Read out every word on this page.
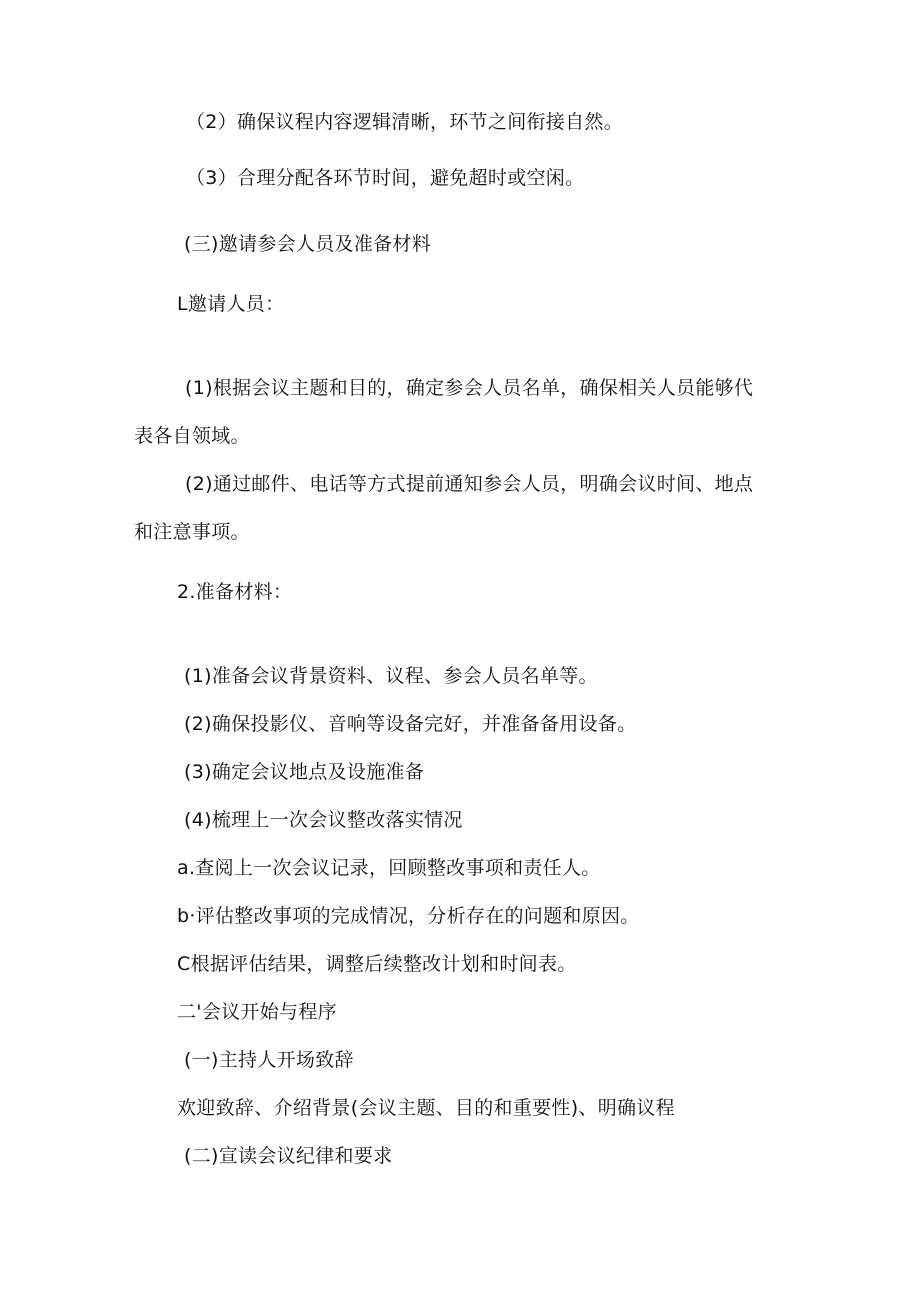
（2）确保议程内容逻辑清晰，环节之间衔接自然。
（3）合理分配各环节时间，避免超时或空闲。
(三)邀请参会人员及准备材料
L邀请人员：
(1)根据会议主题和目的，确定参会人员名单，确保相关人员能够代
表各自领域。
(2)通过邮件、电话等方式提前通知参会人员，明确会议时间、地点
和注意事项。
2.准备材料：
(1)准备会议背景资料、议程、参会人员名单等。
(2)确保投影仪、音响等设备完好，并准备备用设备。
(3)确定会议地点及设施准备
(4)梳理上一次会议整改落实情况
a.查阅上一次会议记录，回顾整改事项和责任人。
b·评估整改事项的完成情况，分析存在的问题和原因。
C根据评估结果，调整后续整改计划和时间表。
二'会议开始与程序
(一)主持人开场致辞
欢迎致辞、介绍背景(会议主题、目的和重要性)、明确议程
(二)宣读会议纪律和要求
